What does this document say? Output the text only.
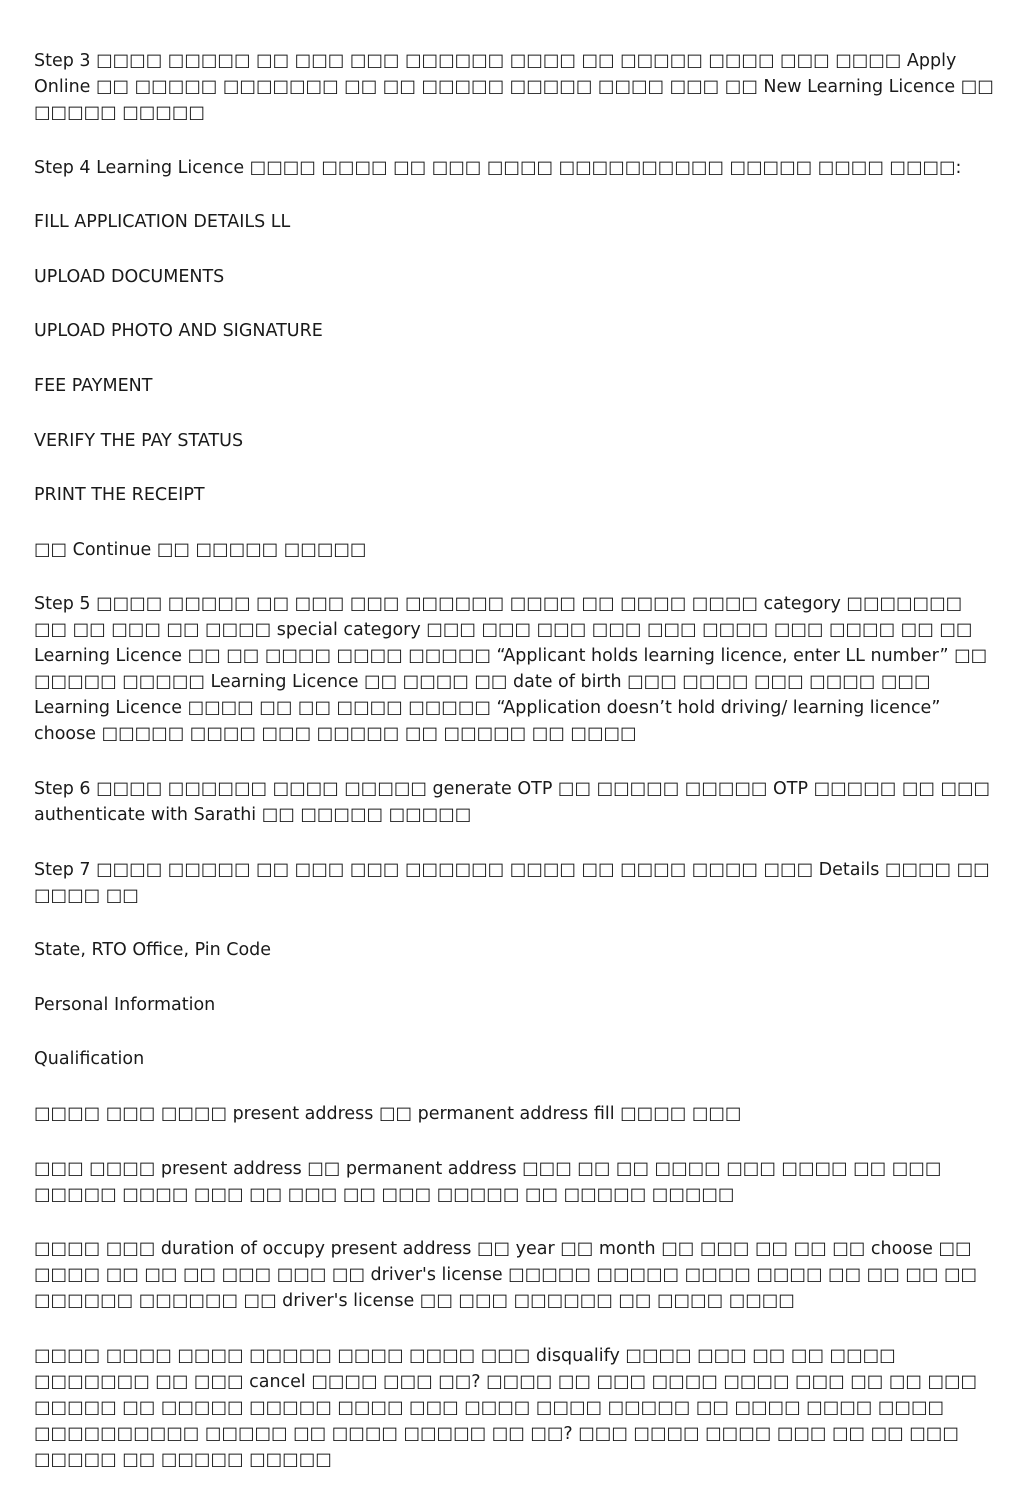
Step 3 □□□□ □□□□□ □□ □□□ □□□ □□□□□□ □□□□ □□ □□□□□ □□□□ □□□ □□□□ Apply Online □□ □□□□□ □□□□□□□ □□ □□ □□□□□ □□□□□ □□□□ □□□ □□ New Learning Licence □□ □□□□□ □□□□□

Step 4 Learning Licence □□□□ □□□□ □□ □□□ □□□□ □□□□□□□□□□ □□□□□ □□□□ □□□□:

FILL APPLICATION DETAILS LL

UPLOAD DOCUMENTS

UPLOAD PHOTO AND SIGNATURE

FEE PAYMENT

VERIFY THE PAY STATUS

PRINT THE RECEIPT

□□ Continue □□ □□□□□ □□□□□

Step 5 □□□□ □□□□□ □□ □□□ □□□ □□□□□□ □□□□ □□ □□□□ □□□□ category □□□□□□□ □□ □□ □□□ □□ □□□□ special category □□□ □□□ □□□ □□□ □□□ □□□□ □□□ □□□□ □□ □□ Learning Licence □□ □□ □□□□ □□□□ □□□□□ “Applicant holds learning licence, enter LL number” □□ □□□□□ □□□□□ Learning Licence □□ □□□□ □□ date of birth □□□ □□□□ □□□ □□□□ □□□ Learning Licence □□□□ □□ □□ □□□□ □□□□□ “Application doesn’t hold driving/ learning licence” choose □□□□□ □□□□ □□□ □□□□□ □□ □□□□□ □□ □□□□

Step 6 □□□□ □□□□□□ □□□□ □□□□□ generate OTP □□ □□□□□ □□□□□ OTP □□□□□ □□ □□□ authenticate with Sarathi □□ □□□□□ □□□□□

Step 7 □□□□ □□□□□ □□ □□□ □□□ □□□□□□ □□□□ □□ □□□□ □□□□ □□□ Details □□□□ □□ □□□□ □□

State, RTO Office, Pin Code

Personal Information

Qualification

□□□□ □□□ □□□□ present address □□ permanent address fill □□□□ □□□

□□□ □□□□ present address □□ permanent address □□□ □□ □□ □□□□ □□□ □□□□ □□ □□□ □□□□□ □□□□ □□□ □□ □□□ □□ □□□ □□□□□ □□ □□□□□ □□□□□

□□□□ □□□ duration of occupy present address □□ year □□ month □□ □□□ □□ □□ □□ choose □□ □□□□ □□ □□ □□ □□□ □□□ □□ driver's license □□□□□ □□□□□ □□□□ □□□□ □□ □□ □□ □□ □□□□□□ □□□□□□ □□ driver's license □□ □□□ □□□□□□ □□ □□□□ □□□□

□□□□ □□□□ □□□□ □□□□□ □□□□ □□□□ □□□ disqualify □□□□ □□□ □□ □□ □□□□ □□□□□□□ □□ □□□ cancel □□□□ □□□ □□? □□□□ □□ □□□ □□□□ □□□□ □□□ □□ □□ □□□ □□□□□ □□ □□□□□ □□□□□ □□□□ □□□ □□□□ □□□□ □□□□□ □□ □□□□ □□□□ □□□□ □□□□□□□□□□ □□□□□ □□ □□□□ □□□□□ □□ □□? □□□ □□□□ □□□□ □□□ □□ □□ □□□ □□□□□ □□ □□□□□ □□□□□
